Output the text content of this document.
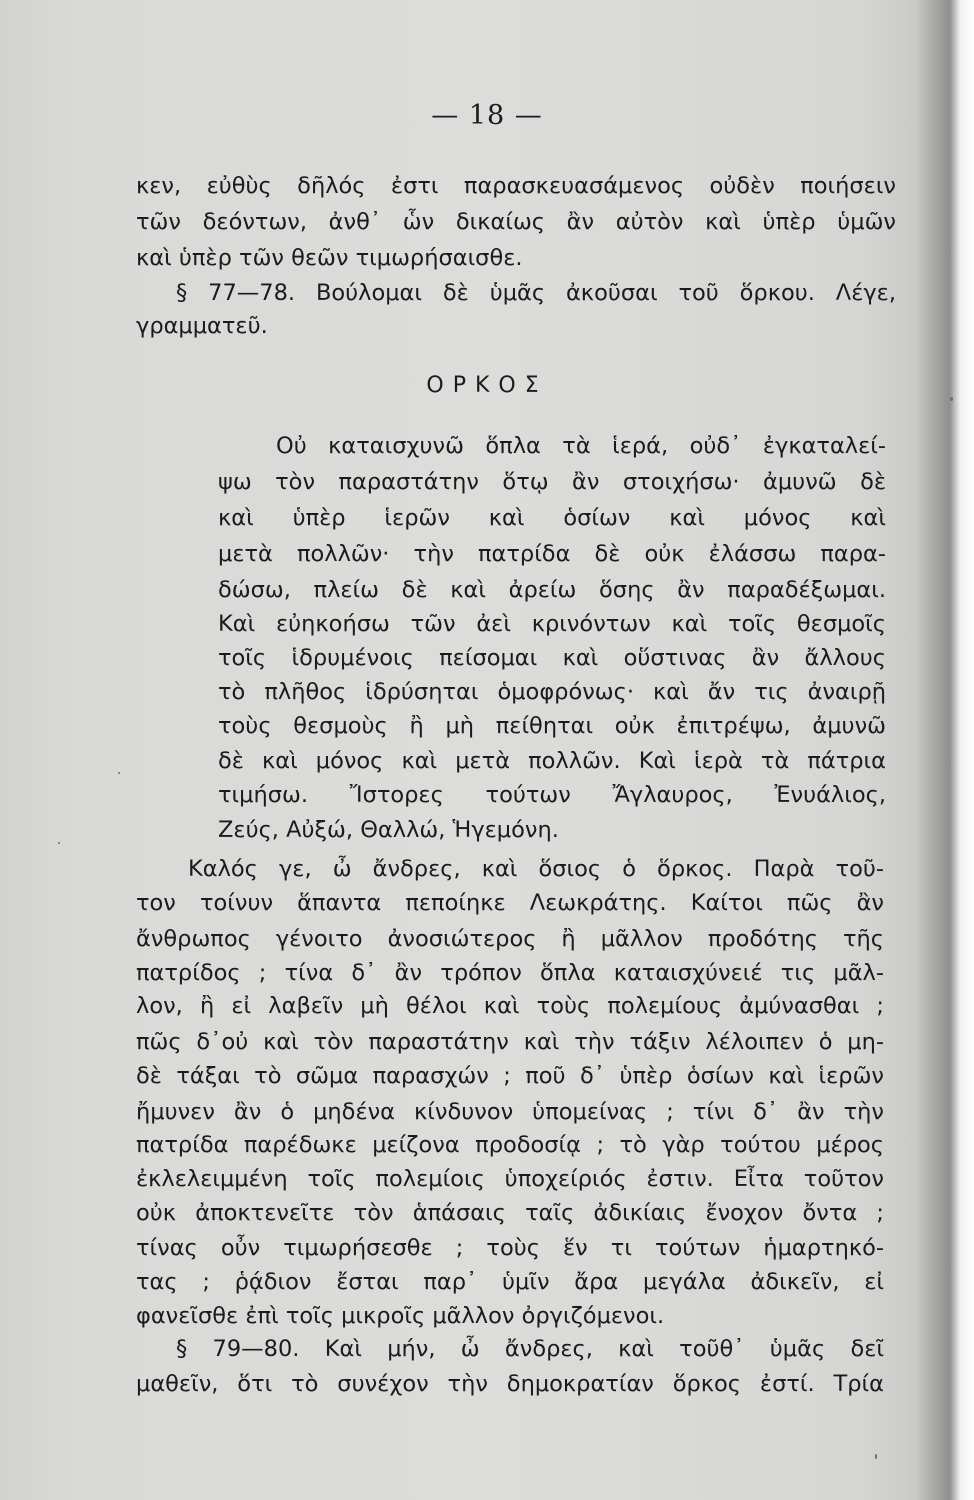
— 18 —
κεν, εὐθὺς δῆλός ἐστι παρασκευασάμενος οὐδὲν ποιήσειν
τῶν δεόντων, ἀνθ᾿ ὧν δικαίως ἂν αὐτὸν καὶ ὑπὲρ ὑμῶν
καὶ ὑπὲρ τῶν θεῶν τιμωρήσαισθε.
§ 77—78. Βούλομαι δὲ ὑμᾶς ἀκοῦσαι τοῦ ὅρκου. Λέγε,
γραμματεῦ.
ΟΡΚΟΣ
Οὐ καταισχυνῶ ὅπλα τὰ ἱερά, οὐδ᾿ ἐγκαταλεί-
ψω τὸν παραστάτην ὅτῳ ἂν στοιχήσω· ἀμυνῶ δὲ
καὶ ὑπὲρ ἱερῶν καὶ ὁσίων καὶ μόνος καὶ
μετὰ πολλῶν· τὴν πατρίδα δὲ οὐκ ἐλάσσω παρα-
δώσω, πλείω δὲ καὶ ἀρείω ὅσης ἂν παραδέξωμαι.
Καὶ εὐηκοήσω τῶν ἀεὶ κρινόντων καὶ τοῖς θεσμοῖς
τοῖς ἱδρυμένοις πείσομαι καὶ οὕστινας ἂν ἄλλους
τὸ πλῆθος ἱδρύσηται ὁμοφρόνως· καὶ ἄν τις ἀναιρῇ
τοὺς θεσμοὺς ἢ μὴ πείθηται οὐκ ἐπιτρέψω, ἀμυνῶ
δὲ καὶ μόνος καὶ μετὰ πολλῶν. Καὶ ἱερὰ τὰ πάτρια
τιμήσω. Ἴστορες τούτων Ἄγλαυρος, Ἐνυάλιος,
Ζεύς, Αὐξώ, Θαλλώ, Ἡγεμόνη.
Καλός γε, ὦ ἄνδρες, καὶ ὅσιος ὁ ὅρκος. Παρὰ τοῦ-
τον τοίνυν ἅπαντα πεποίηκε Λεωκράτης. Καίτοι πῶς ἂν
ἄνθρωπος γένοιτο ἀνοσιώτερος ἢ μᾶλλον προδότης τῆς
πατρίδος ; τίνα δ᾿ ἂν τρόπον ὅπλα καταισχύνειέ τις μᾶλ-
λον, ἢ εἰ λαβεῖν μὴ θέλοι καὶ τοὺς πολεμίους ἀμύνασθαι ;
πῶς δ᾿οὐ καὶ τὸν παραστάτην καὶ τὴν τάξιν λέλοιπεν ὁ μη-
δὲ τάξαι τὸ σῶμα παρασχών ; ποῦ δ᾿ ὑπὲρ ὁσίων καὶ ἱερῶν
ἤμυνεν ἂν ὁ μηδένα κίνδυνον ὑπομείνας ; τίνι δ᾿ ἂν τὴν
πατρίδα παρέδωκε μείζονα προδοσίᾳ ; τὸ γὰρ τούτου μέρος
ἐκλελειμμένη τοῖς πολεμίοις ὑποχείριός ἐστιν. Εἶτα τοῦτον
οὐκ ἀποκτενεῖτε τὸν ἁπάσαις ταῖς ἀδικίαις ἔνοχον ὄντα ;
τίνας οὖν τιμωρήσεσθε ; τοὺς ἕν τι τούτων ἡμαρτηκό-
τας ; ῥᾴδιον ἔσται παρ᾿ ὑμῖν ἄρα μεγάλα ἀδικεῖν, εἰ
φανεῖσθε ἐπὶ τοῖς μικροῖς μᾶλλον ὀργιζόμενοι.
§ 79—80. Καὶ μήν, ὦ ἄνδρες, καὶ τοῦθ᾿ ὑμᾶς δεῖ
μαθεῖν, ὅτι τὸ συνέχον τὴν δημοκρατίαν ὅρκος ἐστί. Τρία
